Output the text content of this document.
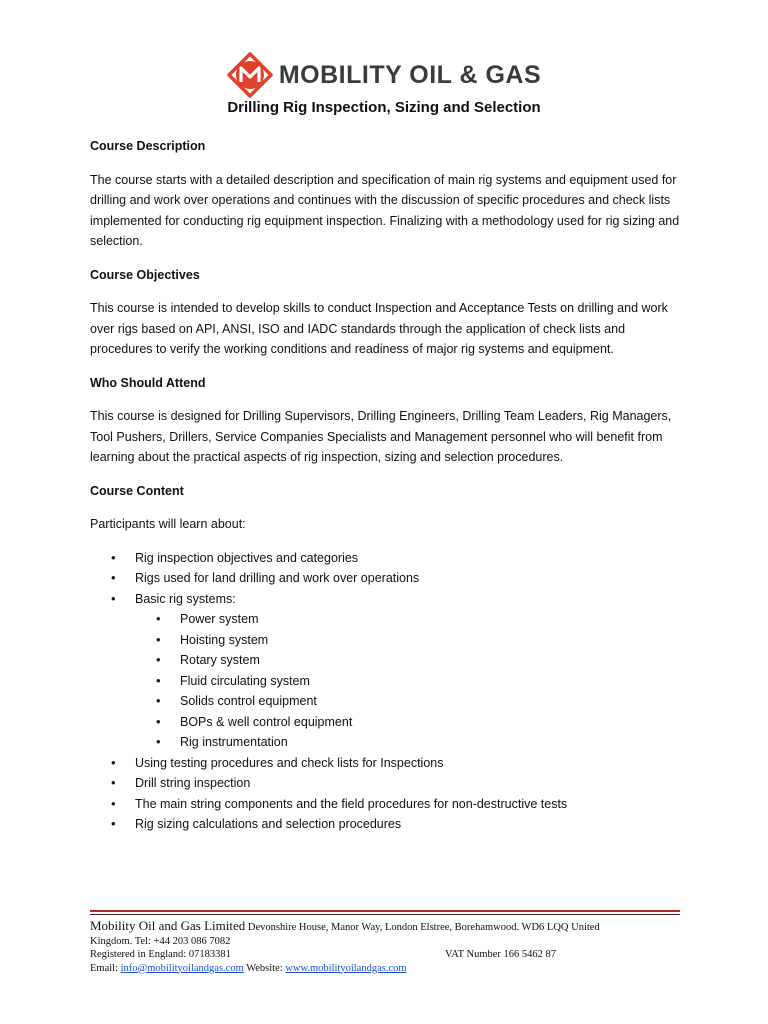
MOBILITY OIL & GAS
Drilling Rig Inspection, Sizing and Selection
Course Description

The course starts with a detailed description and specification of main rig systems and equipment used for drilling and work over operations and continues with the discussion of specific procedures and check lists implemented for conducting rig equipment inspection. Finalizing with a methodology used for rig sizing and selection.

Course Objectives

This course is intended to develop skills to conduct Inspection and Acceptance Tests on drilling and work over rigs based on API, ANSI, ISO and IADC standards through the application of check lists and procedures to verify the working conditions and readiness of major rig systems and equipment.

Who Should Attend

This course is designed for Drilling Supervisors, Drilling Engineers, Drilling Team Leaders, Rig Managers, Tool Pushers, Drillers, Service Companies Specialists and Management personnel who will benefit from learning about the practical aspects of rig inspection, sizing and selection procedures.

Course Content

Participants will learn about:

• Rig inspection objectives and categories
• Rigs used for land drilling and work over operations
• Basic rig systems:
• Power system
• Hoisting system
• Rotary system
• Fluid circulating system
• Solids control equipment
• BOPs & well control equipment
• Rig instrumentation
• Using testing procedures and check lists for Inspections
• Drill string inspection
• The main string components and the field procedures for non-destructive tests
• Rig sizing calculations and selection procedures
Mobility Oil and Gas Limited Devonshire House, Manor Way, London Elstree, Borehamwood. WD6 LQQ United
Kingdom. Tel: +44 203 086 7082
Registered in England: 07183381	VAT Number 166 5462 87
Email: info@mobilityoilandgas.com Website: www.mobilityoilandgas.com
